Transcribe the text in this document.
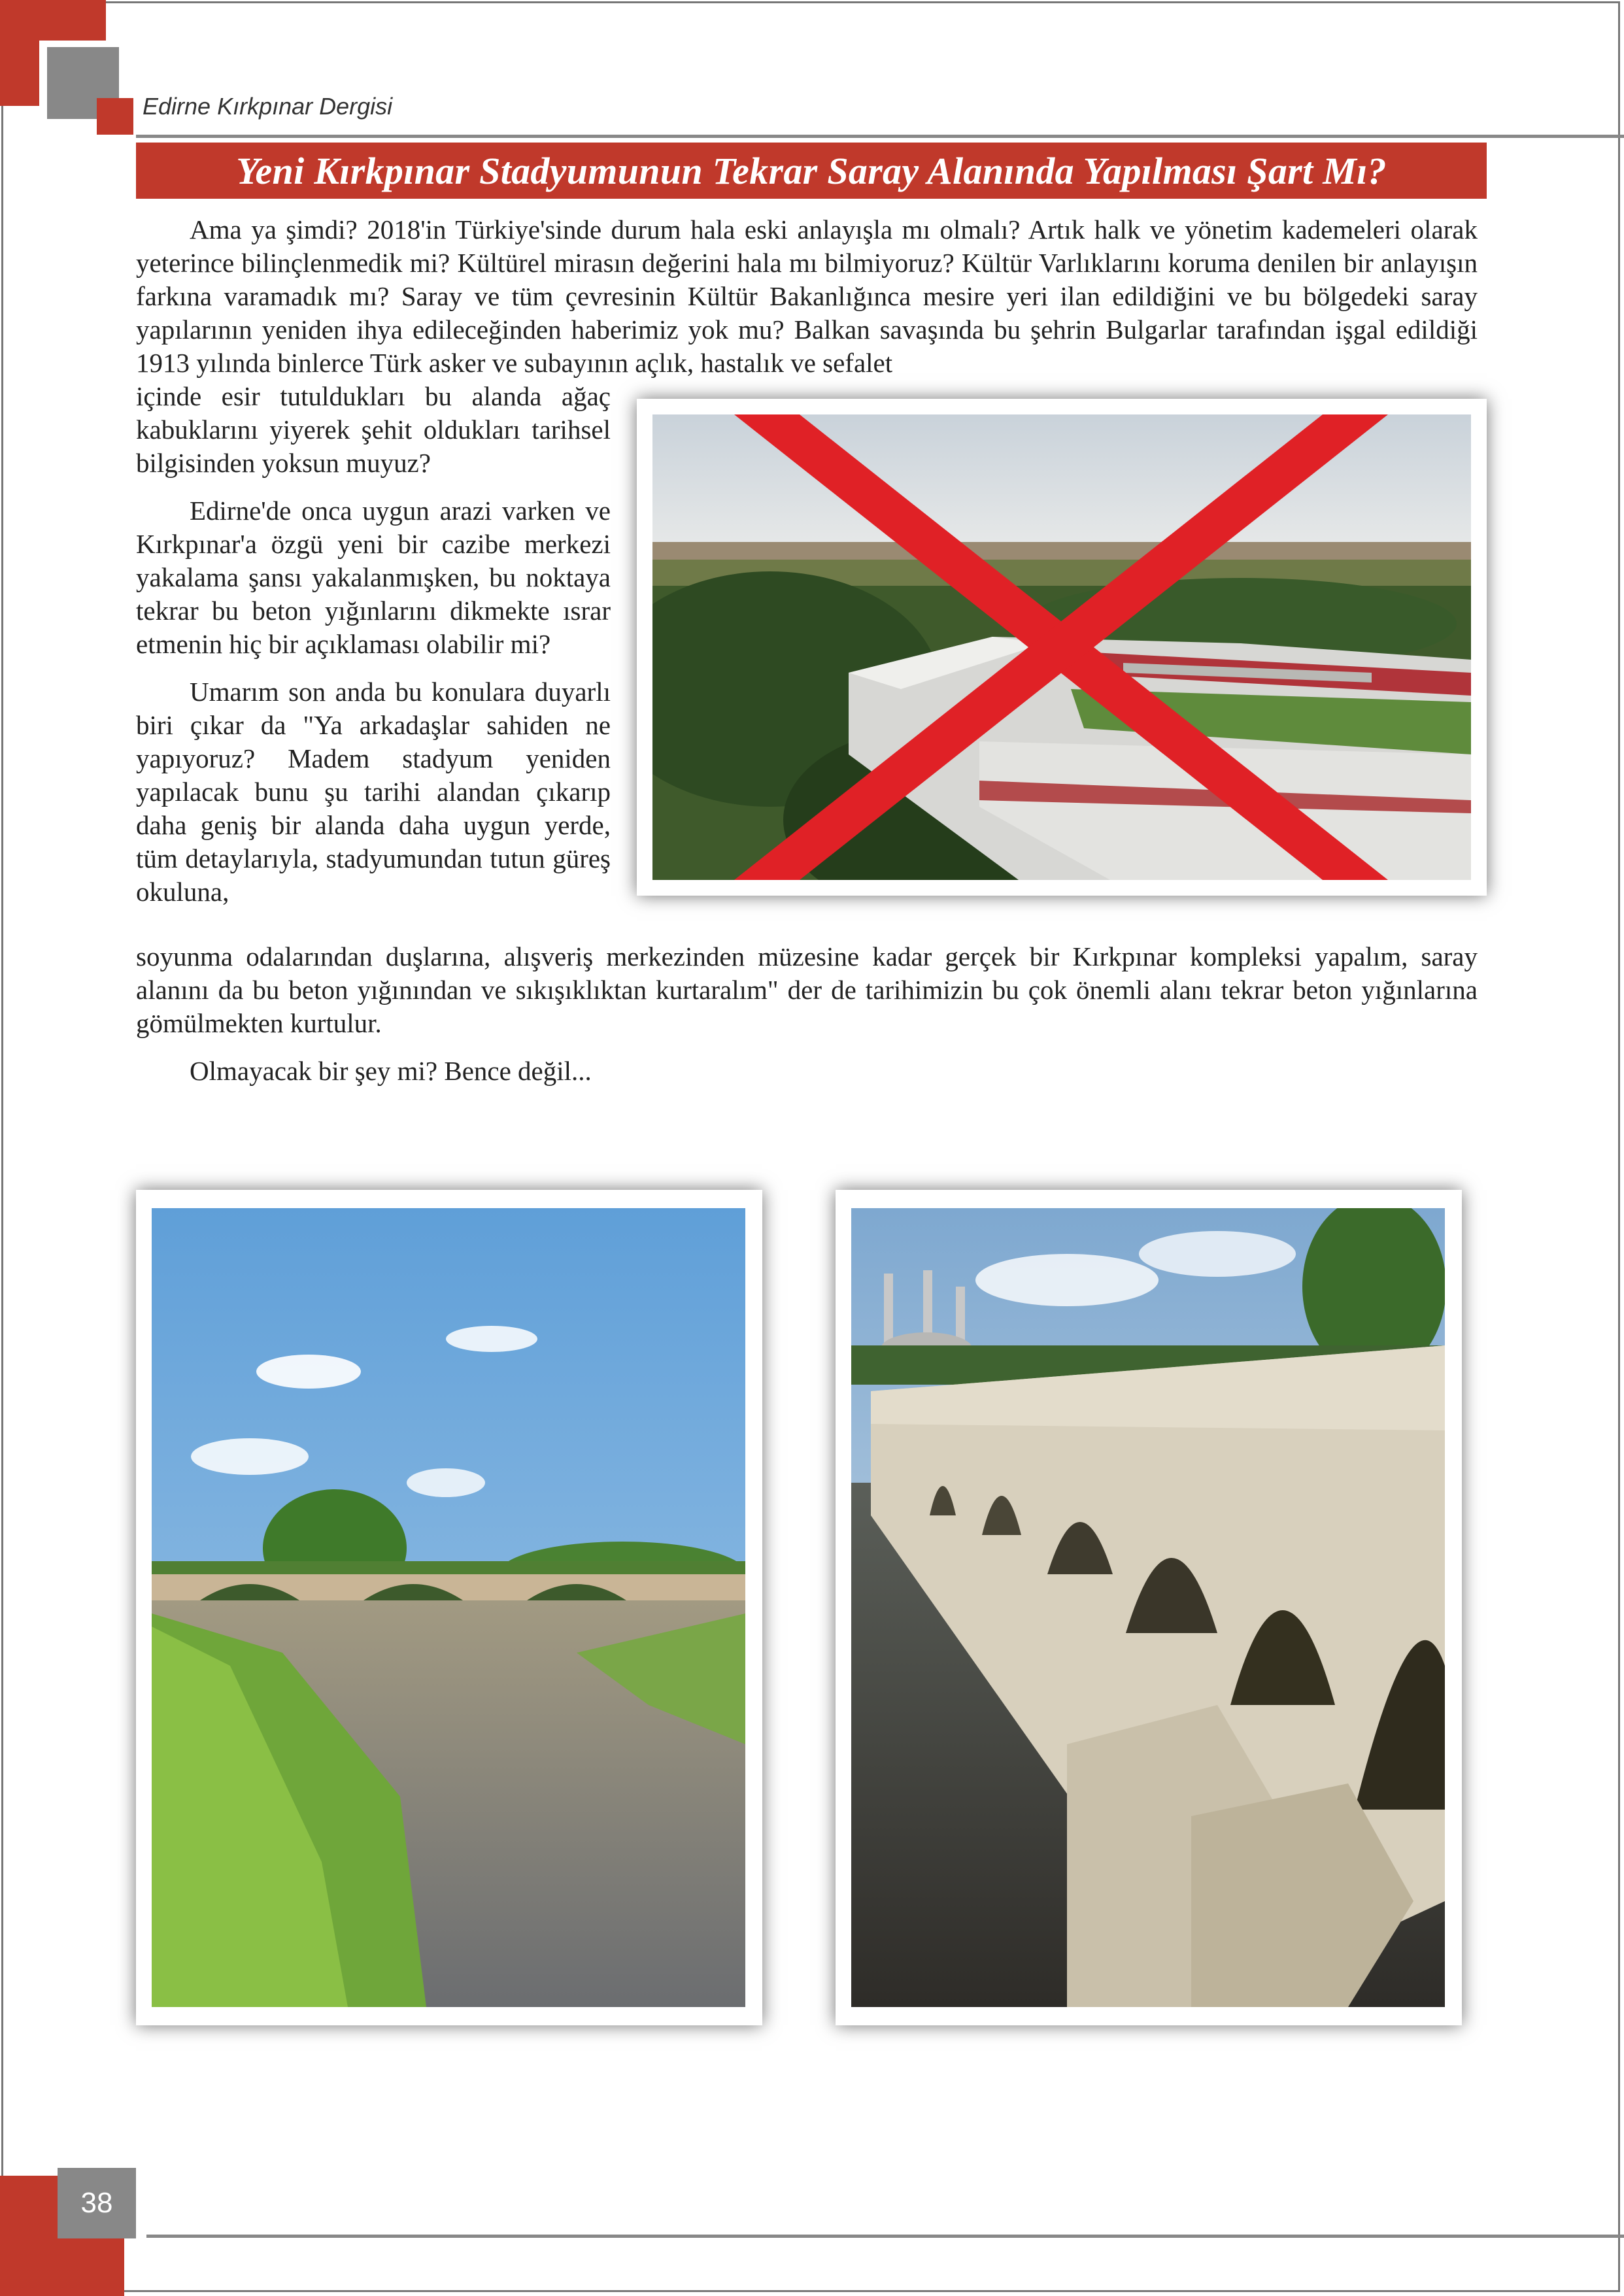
Edirne Kırkpınar Dergisi
Yeni Kırkpınar Stadyumunun Tekrar Saray Alanında Yapılması Şart Mı?

Ama ya şimdi? 2018'in Türkiye'sinde durum hala eski anlayışla mı olmalı? Artık halk ve yönetim kademeleri olarak yeterince bilinçlenmedik mi? Kültürel mirasın değerini hala mı bilmiyoruz? Kültür Varlıklarını koruma denilen bir anlayışın farkına varamadık mı? Saray ve tüm çevresinin Kültür Bakanlığınca mesire yeri ilan edildiğini ve bu bölgedeki saray yapılarının yeniden ihya edileceğinden haberimiz yok mu? Balkan savaşında bu şehrin Bulgarlar tarafından işgal edildiği 1913 yılında binlerce Türk asker ve subayının açlık, hastalık ve sefalet

içinde esir tutuldukları bu alanda ağaç kabuklarını yiyerek şehit oldukları tarihsel bilgisinden yoksun muyuz?

Edirne'de onca uygun arazi varken ve Kırkpınar'a özgü yeni bir cazibe merkezi yakalama şansı yakalanmışken, bu noktaya tekrar bu beton yığınlarını dikmekte ısrar etmenin hiç bir açıklaması olabilir mi?

Umarım son anda bu konulara duyarlı biri çıkar da "Ya arkadaşlar sahiden ne yapıyoruz? Madem stadyum yeniden yapılacak bunu şu tarihi alandan çıkarıp daha geniş bir alanda daha uygun yerde, tüm detaylarıyla, stadyumundan tutun güreş okuluna,

soyunma odalarından duşlarına, alışveriş merkezinden müzesine kadar gerçek bir Kırkpınar kompleksi yapalım, saray alanını da bu beton yığınından ve sıkışıklıktan kurtaralım" der de tarihimizin bu çok önemli alanı tekrar beton yığınlarına gömülmekten kurtulur.

Olmayacak bir şey mi? Bence değil...

38
